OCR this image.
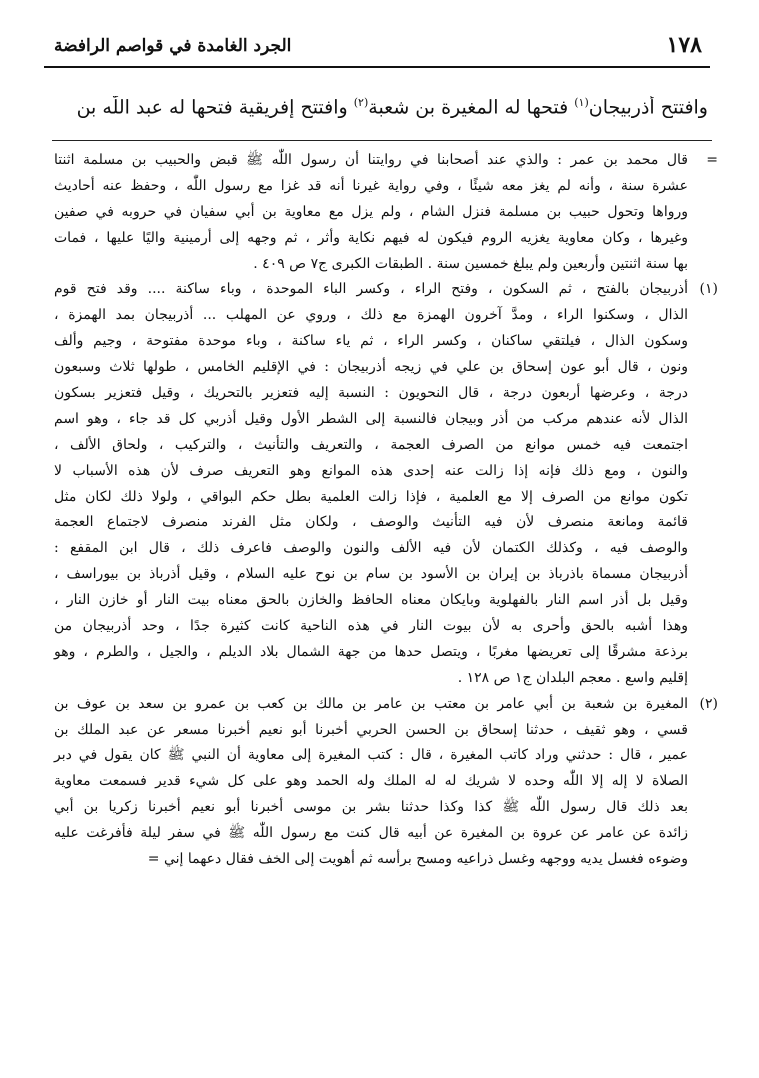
الجرد الغامدة في قواصم الرافضة	١٧٨
وافتتح أذربيجان$^{(١)}$ فتحها له المغيرة بن شعبة$^{(٢)}$ وافتتح إفريقية فتحها له عبد اللّٰه بن
=
قال محمد بن عمر : والذي عند أصحابنا في روايتنا أن رسول اللّٰه ﷺ قبض والحبيب بن مسلمة اثنتا
عشرة سنة ، وأنه لم يغز معه شيئًا ، وفي رواية غيرنا أنه قد غزا مع رسول اللّٰه ، وحفظ عنه أحاديث
ورواها وتحول حبيب بن مسلمة فنزل الشام ، ولم يزل مع معاوية بن أبي سفيان في حروبه في صفين
وغيرها ، وكان معاوية يغزيه الروم فيكون له فيهم نكاية وأثر ، ثم وجهه إلى أرمينية واليًا عليها ، فمات
بها سنة اثنتين وأربعين ولم يبلغ خمسين سنة . الطبقات الكبرى ج٧ ص ٤٠٩ .
(١)
أذربيجان بالفتح ، ثم السكون ، وفتح الراء ، وكسر الباء الموحدة ، وباء ساكنة .... وقد فتح قوم
الذال ، وسكنوا الراء ، ومدَّ آخرون الهمزة مع ذلك ، وروي عن المهلب ... أذربيجان بمد الهمزة ،
وسكون الذال ، فيلتقي ساكنان ، وكسر الراء ، ثم ياء ساكنة ، وباء موحدة مفتوحة ، وجيم وألف
ونون ، قال أبو عون إسحاق بن علي في زيجه أذربيجان : في الإقليم الخامس ، طولها ثلاث وسبعون
درجة ، وعرضها أربعون درجة ، قال النحويون : النسبة إليه فتعزير بالتحريك ، وقيل فتعزير بسكون
الذال لأنه عندهم مركب من أذر وبيجان فالنسبة إلى الشطر الأول وقيل أذربي كل قد جاء ، وهو اسم
اجتمعت فيه خمس موانع من الصرف العجمة ، والتعريف والتأنيث ، والتركيب ، ولحاق الألف ،
والنون ، ومع ذلك فإنه إذا زالت عنه إحدى هذه الموانع وهو التعريف صرف لأن هذه الأسباب لا
تكون موانع من الصرف إلا مع العلمية ، فإذا زالت العلمية بطل حكم البواقي ، ولولا ذلك لكان مثل
قائمة ومانعة منصرف لأن فيه التأنيث والوصف ، ولكان مثل الفرند منصرف لاجتماع العجمة
والوصف فيه ، وكذلك الكتمان لأن فيه الألف والنون والوصف فاعرف ذلك ، قال ابن المقفع :
أذربيجان مسماة باذرباذ بن إيران بن الأسود بن سام بن نوح عليه السلام ، وقيل أذرباذ بن بيوراسف ،
وقيل بل أذر اسم النار بالفهلوية وبايكان معناه الحافظ والخازن بالحق معناه بيت النار أو خازن النار ،
وهذا أشبه بالحق وأحرى به لأن بيوت النار في هذه الناحية كانت كثيرة جدًا ، وحد أذربيجان من
برذعة مشرقًا إلى تعريضها مغربًا ، ويتصل حدها من جهة الشمال بلاد الديلم ، والجيل ، والطرم ، وهو
إقليم واسع . معجم البلدان ج١ ص ١٢٨ .
(٢)
المغيرة بن شعبة بن أبي عامر بن معتب بن عامر بن مالك بن كعب بن عمرو بن سعد بن عوف بن
قسي ، وهو ثقيف ، حدثنا إسحاق بن الحسن الحربي أخبرنا أبو نعيم أخبرنا مسعر عن عبد الملك بن
عمير ، قال : حدثني وراد كاتب المغيرة ، قال : كتب المغيرة إلى معاوية أن النبي ﷺ كان يقول في دبر
الصلاة لا إله إلا اللّٰه وحده لا شريك له له الملك وله الحمد وهو على كل شيء قدير فسمعت معاوية
بعد ذلك قال رسول اللّٰه ﷺ كذا وكذا حدثنا بشر بن موسى أخبرنا أبو نعيم أخبرنا زكريا بن أبي
زائدة عن عامر عن عروة بن المغيرة عن أبيه قال كنت مع رسول اللّٰه ﷺ في سفر ليلة فأفرغت عليه
وضوءه فغسل يديه ووجهه وغسل ذراعيه ومسح برأسه ثم أهويت إلى الخف فقال دعهما إني =
